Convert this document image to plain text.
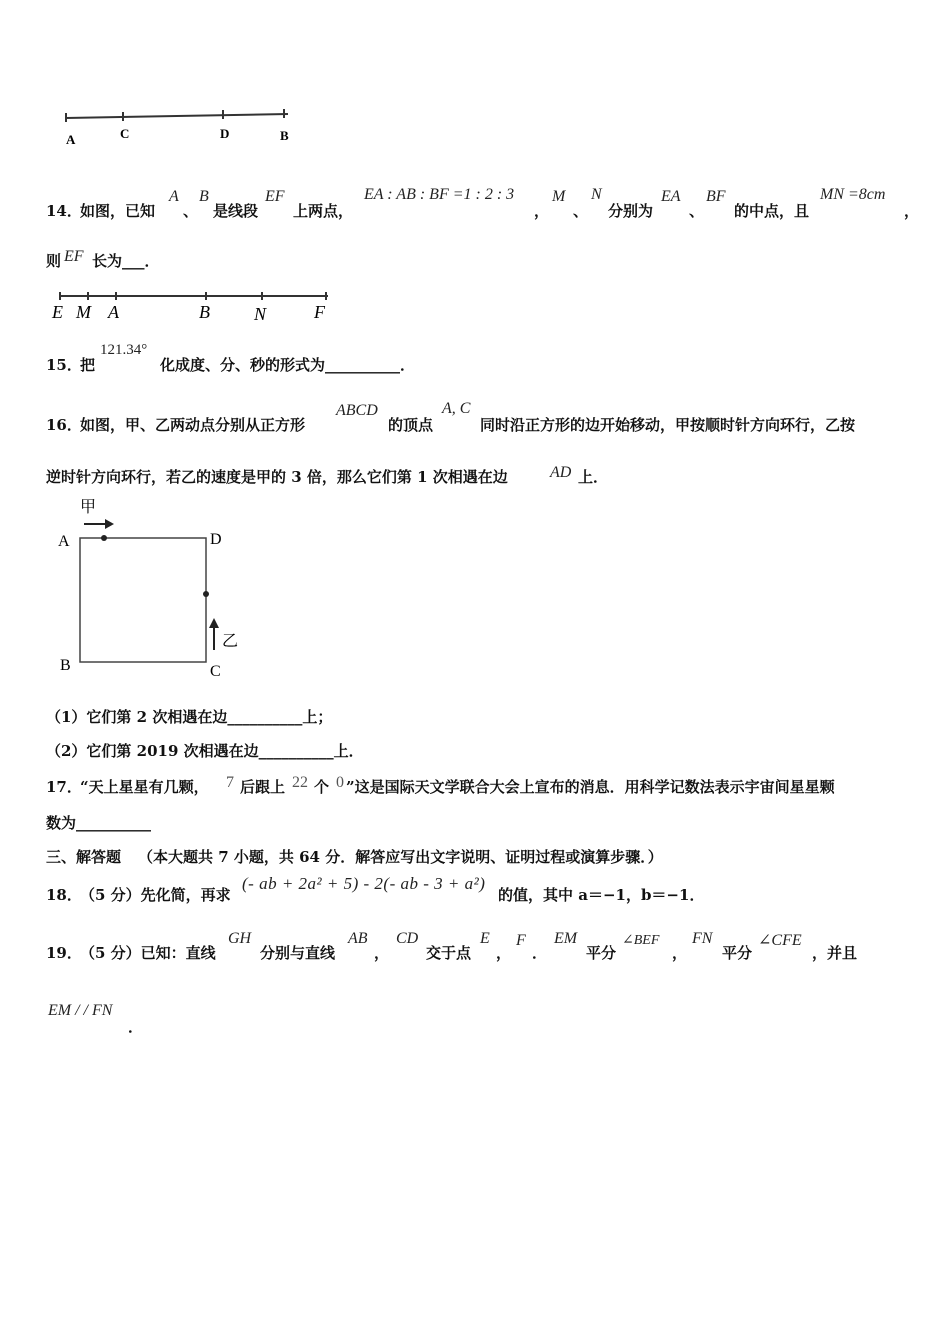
A	C	D	B
14．
如图，已知
A
、
B
是线段
EF
上两点，
EA : AB : BF =1 : 2 : 3
，
M
、
N
分别为
EA
、
BF
的中点，且
MN =8cm
，
则 EF 长为___．
E M A	B N	F
15．
把
121.34°
化成度、分、秒的形式为__________．
16．
如图，甲、乙两动点分别从正方形
ABCD
的顶点
A, C
同时沿正方形的边开始移动，甲按顺时针方向环行，乙按
逆时针方向环行，若乙的速度是甲的 3 倍，那么它们第 1 次相遇在边	AD 上．
甲
乙
A	D
B	C
（1）它们第 2 次相遇在边__________上；
（2）它们第 2019 次相遇在边__________上．
17．
“天上星星有几颗， 7 后跟上 22 个 0 ”这是国际天文学联合大会上宣布的消息．用科学记数法表示宇宙间星星颗
数为__________
三、解答题 （本大题共 7 小题，共 64 分．解答应写出文字说明、证明过程或演算步骤．）
18．
（5 分）先化简，再求
(- ab + 2a² + 5) - 2(- ab - 3 + a²)
的值，其中 a＝−1，b＝−1．
19．
（5 分）已知：直线
GH
分别与直线
AB
，
CD
交于点
E
，
F
．
EM
平分
∠BEF
，
FN
平分
∠CFE
，并且
EM / / FN
．
